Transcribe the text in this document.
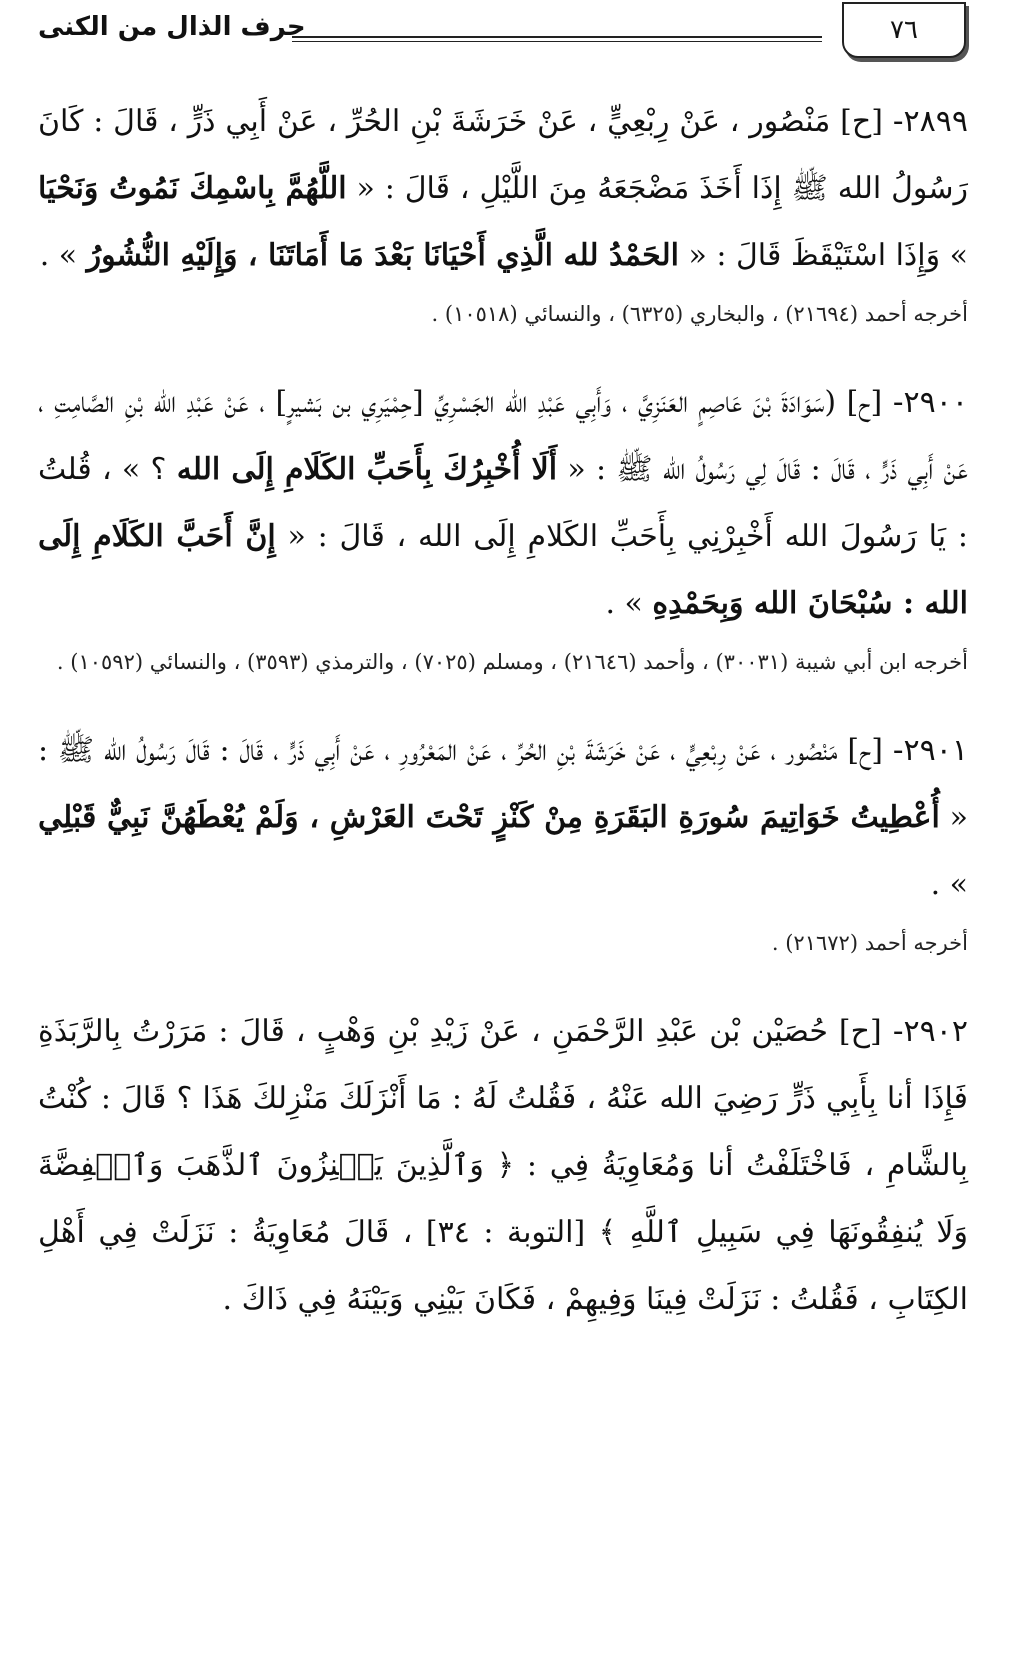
٧٦
حرف الذال من الكنى

٢٨٩٩- [ح] مَنْصُور ، عَنْ رِبْعِيٍّ ، عَنْ خَرَشَةَ بْنِ الحُرِّ ، عَنْ أَبِي ذَرٍّ ، قَالَ : كَانَ رَسُولُ الله ﷺ إِذَا أَخَذَ مَضْجَعَهُ مِنَ اللَّيْلِ ، قَالَ : « اللَّهُمَّ بِاسْمِكَ نَمُوتُ وَنَحْيَا » وَإِذَا اسْتَيْقَظَ قَالَ : « الحَمْدُ لله الَّذِي أَحْيَانَا بَعْدَ مَا أَمَاتَنَا ، وَإِلَيْهِ النُّشُورُ » .

أخرجه أحمد (٢١٦٩٤) ، والبخاري (٦٣٢٥) ، والنسائي (١٠٥١٨) .

٢٩٠٠- [ح] (سَوَادَةَ بْنَ عَاصِمٍ العَنَزِيَّ ، وَأَبِي عَبْدِ الله الجَسْرِيِّ [حِمْيَرِي بن بَشيرٍ] ، عَنْ عَبْدِ الله بْنِ الصَّامِتِ ، عَنْ أَبِي ذَرٍّ ، قَالَ : قَالَ لِي رَسُولُ الله ﷺ : « أَلَا أُخْبِرُكَ بِأَحَبِّ الكَلَامِ إِلَى الله ؟ » ، قُلتُ : يَا رَسُولَ الله أَخْبِرْنِي بِأَحَبِّ الكَلامِ إِلَى الله ، قَالَ : « إِنَّ أَحَبَّ الكَلَامِ إِلَى الله : سُبْحَانَ الله وَبِحَمْدِهِ » .

أخرجه ابن أبي شيبة (٣٠٠٣١) ، وأحمد (٢١٦٤٦) ، ومسلم (٧٠٢٥) ، والترمذي (٣٥٩٣) ، والنسائي (١٠٥٩٢) .

٢٩٠١- [ح] مَنْصُور ، عَنْ رِبْعِيٍّ ، عَنْ خَرَشَةَ بْنِ الحُرِّ ، عَنْ المَعْرُورِ ، عَنْ أَبِي ذَرٍّ ، قَالَ : قَالَ رَسُولُ الله ﷺ : « أُعْطِيتُ خَوَاتِيمَ سُورَةِ البَقَرَةِ مِنْ كَنْزٍ تَحْتَ العَرْشِ ، وَلَمْ يُعْطَهُنَّ نَبِيٌّ قَبْلِي » .

أخرجه أحمد (٢١٦٧٢) .

٢٩٠٢- [ح] حُصَيْن بْن عَبْدِ الرَّحْمَنِ ، عَنْ زَيْدِ بْنِ وَهْبٍ ، قَالَ : مَرَرْتُ بِالرَّبَذَةِ فَإِذَا أنا بِأَبِي ذَرٍّ رَضِيَ الله عَنْهُ ، فَقُلتُ لَهُ : مَا أَنْزَلَكَ مَنْزِلكَ هَذَا ؟ قَالَ : كُنْتُ بِالشَّامِ ، فَاخْتَلَفْتُ أنا وَمُعَاوِيَةُ فِي : ﴿ وَٱلَّذِينَ يَكۡنِزُونَ ٱلذَّهَبَ وَٱلۡفِضَّةَ وَلَا يُنفِقُونَهَا فِي سَبِيلِ ٱللَّهِ ﴾ [التوبة : ٣٤] ، قَالَ مُعَاوِيَةُ : نَزَلَتْ فِي أَهْلِ الكِتَابِ ، فَقُلتُ : نَزَلَتْ فِينَا وَفِيهِمْ ، فَكَانَ بَيْنِي وَبَيْنَهُ فِي ذَاكَ .
